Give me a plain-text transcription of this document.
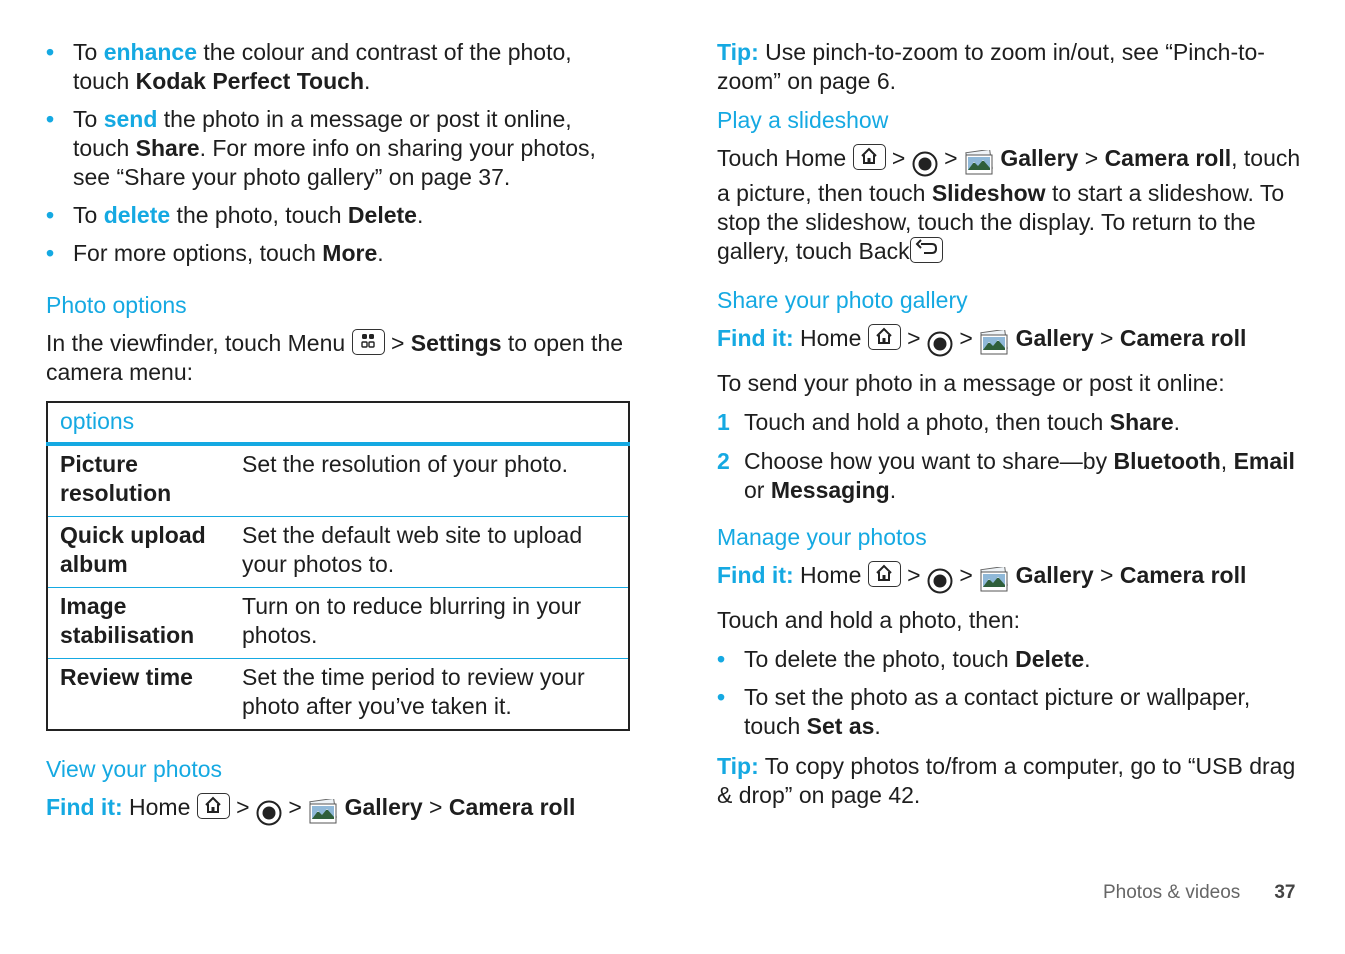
• To enhance the colour and contrast of the photo, touch Kodak Perfect Touch.
• To send the photo in a message or post it online, touch Share. For more info on sharing your photos, see “Share your photo gallery” on page 37.
• To delete the photo, touch Delete.
• For more options, touch More.
Photo options

In the viewfinder, touch Menu
> Settings to open the camera menu:

options	
Picture resolution	Set the resolution of your photo.
Quick upload album	Set the default web site to upload your photos to.
Image stabilisation	Turn on to reduce blurring in your photos.
Review time	Set the time period to review your photo after you’ve taken it.
View your photos

Find it: Home
>  >  Gallery > Camera roll

Tip: Use pinch-to-zoom to zoom in/out, see “Pinch-to-zoom” on page 6.

Play a slideshow

Touch Home
>  >  Gallery > Camera roll, touch a picture, then touch Slideshow to start a slideshow. To stop the slideshow, touch the display. To return to the gallery, touch Back

Share your photo gallery

Find it: Home
>  >  Gallery > Camera roll

To send your photo in a message or post it online:

1 Touch and hold a photo, then touch Share.
2 Choose how you want to share—by Bluetooth, Email or Messaging.
Manage your photos

Find it: Home
>  >  Gallery > Camera roll

Touch and hold a photo, then:

• To delete the photo, touch Delete.
• To set the photo as a contact picture or wallpaper, touch Set as.

Tip: To copy photos to/from a computer, go to “USB drag & drop” on page 42.

Photos & videos 37
